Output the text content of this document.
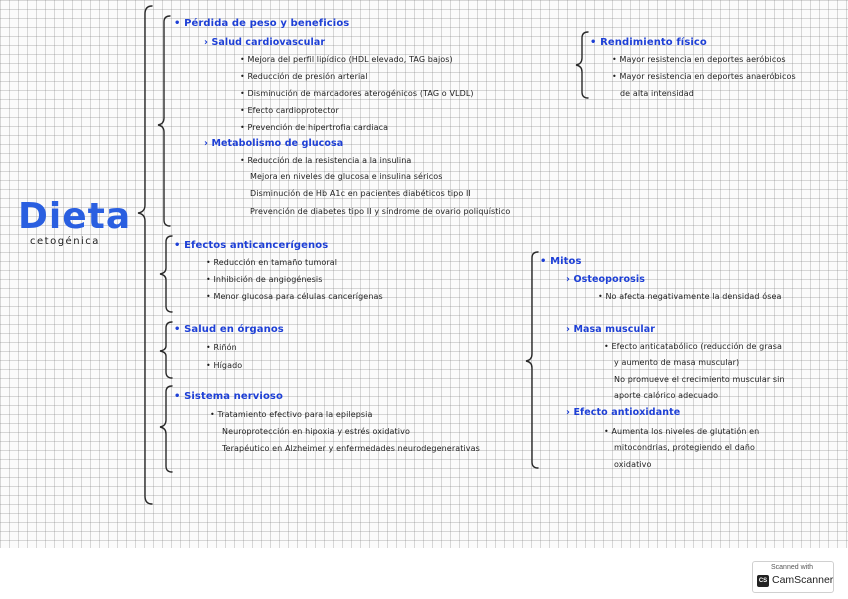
Dieta
cetogénica
• Pérdida de peso y beneficios
› Salud cardiovascular
• Mejora del perfil lipídico (HDL elevado, TAG bajos)
• Reducción de presión arterial
• Disminución de marcadores aterogénicos (TAG o VLDL)
• Efecto cardioprotector
• Prevención de hipertrofia cardiaca
› Metabolismo de glucosa
• Reducción de la resistencia a la insulina
Mejora en niveles de glucosa e insulina séricos
Disminución de Hb A1c en pacientes diabéticos tipo II
Prevención de diabetes tipo II y síndrome de ovario poliquístico
• Efectos anticancerígenos
• Reducción en tamaño tumoral
• Inhibición de angiogénesis
• Menor glucosa para células cancerígenas
• Salud en órganos
• Riñón
• Hígado
• Sistema nervioso
• Tratamiento efectivo para la epilepsia
Neuroprotección en hipoxia y estrés oxidativo
Terapéutico en Alzheimer y enfermedades neurodegenerativas
• Rendimiento físico
• Mayor resistencia en deportes aeróbicos
• Mayor resistencia en deportes anaeróbicos
de alta intensidad
• Mitos
› Osteoporosis
• No afecta negativamente la densidad ósea
› Masa muscular
• Efecto anticatabólico (reducción de grasa
y aumento de masa muscular)
No promueve el crecimiento muscular sin
aporte calórico adecuado
› Efecto antioxidante
• Aumenta los niveles de glutatión en
mitocondrias, protegiendo el daño
oxidativo
Scanned with
CS CamScanner
